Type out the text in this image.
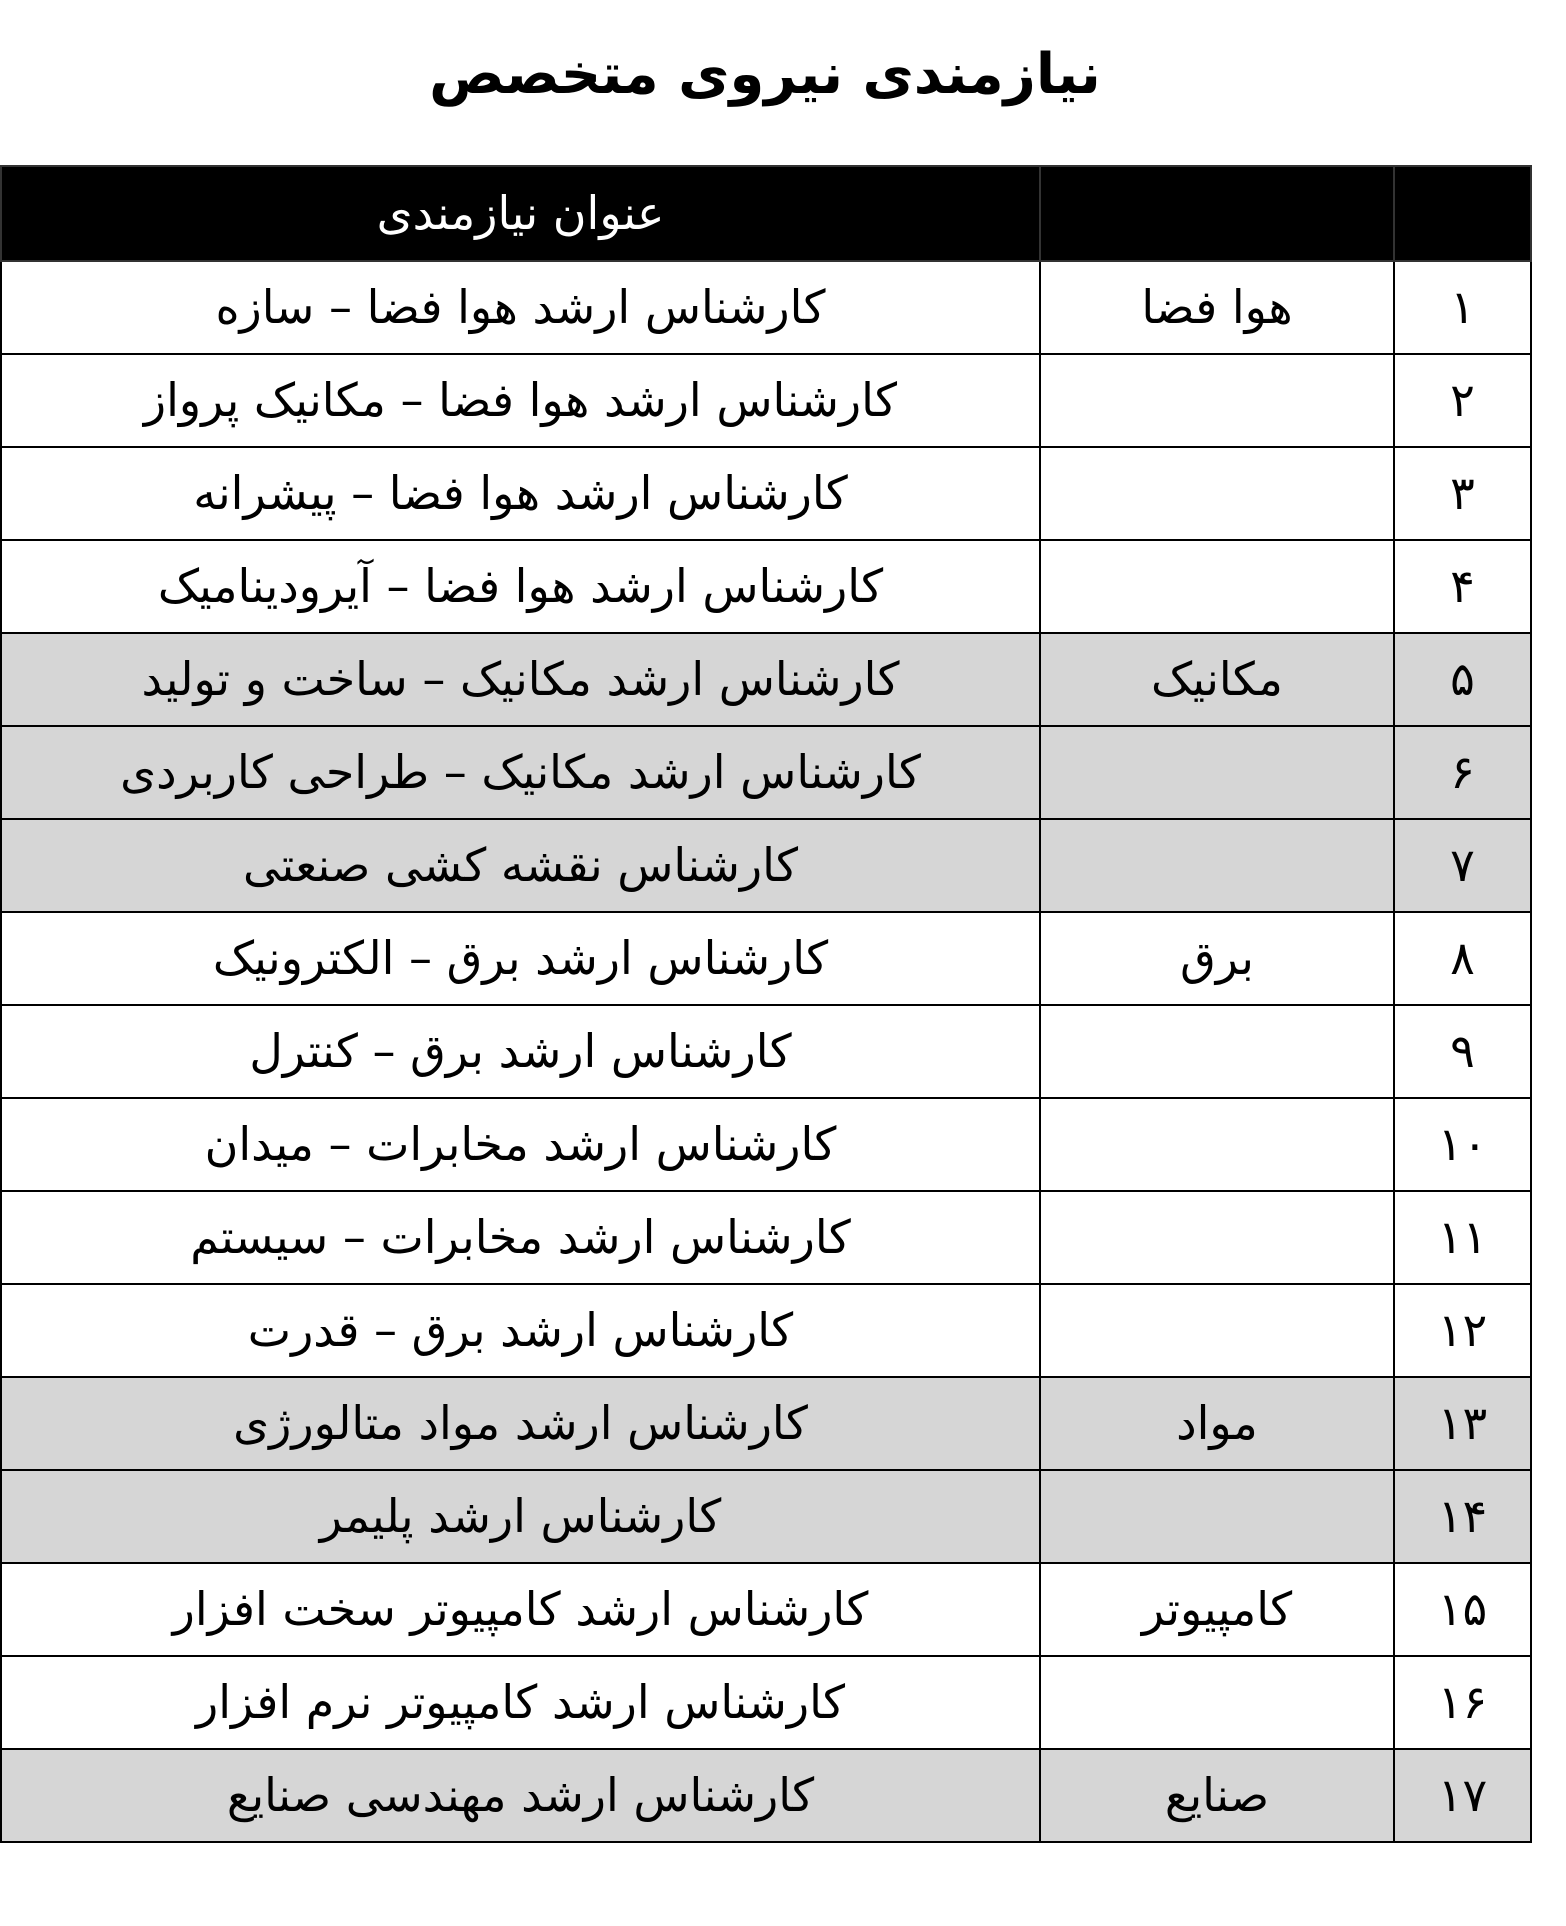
نیازمندی نیروی متخصص
		عنوان نیازمندی
۱	هوا فضا	کارشناس ارشد هوا فضا – سازه
۲		کارشناس ارشد هوا فضا – مکانیک پرواز
۳		کارشناس ارشد هوا فضا – پیشرانه
۴		کارشناس ارشد هوا فضا – آیرودینامیک
۵	مکانیک	کارشناس ارشد مکانیک – ساخت و تولید
۶		کارشناس ارشد مکانیک – طراحی کاربردی
۷		کارشناس نقشه کشی صنعتی
۸	برق	کارشناس ارشد برق – الکترونیک
۹		کارشناس ارشد برق – کنترل
۱۰		کارشناس ارشد مخابرات – میدان
۱۱		کارشناس ارشد مخابرات – سیستم
۱۲		کارشناس ارشد برق – قدرت
۱۳	مواد	کارشناس ارشد مواد متالورژی
۱۴		کارشناس ارشد پلیمر
۱۵	کامپیوتر	کارشناس ارشد کامپیوتر سخت افزار
۱۶		کارشناس ارشد کامپیوتر نرم افزار
۱۷	صنایع	کارشناس ارشد مهندسی صنایع
